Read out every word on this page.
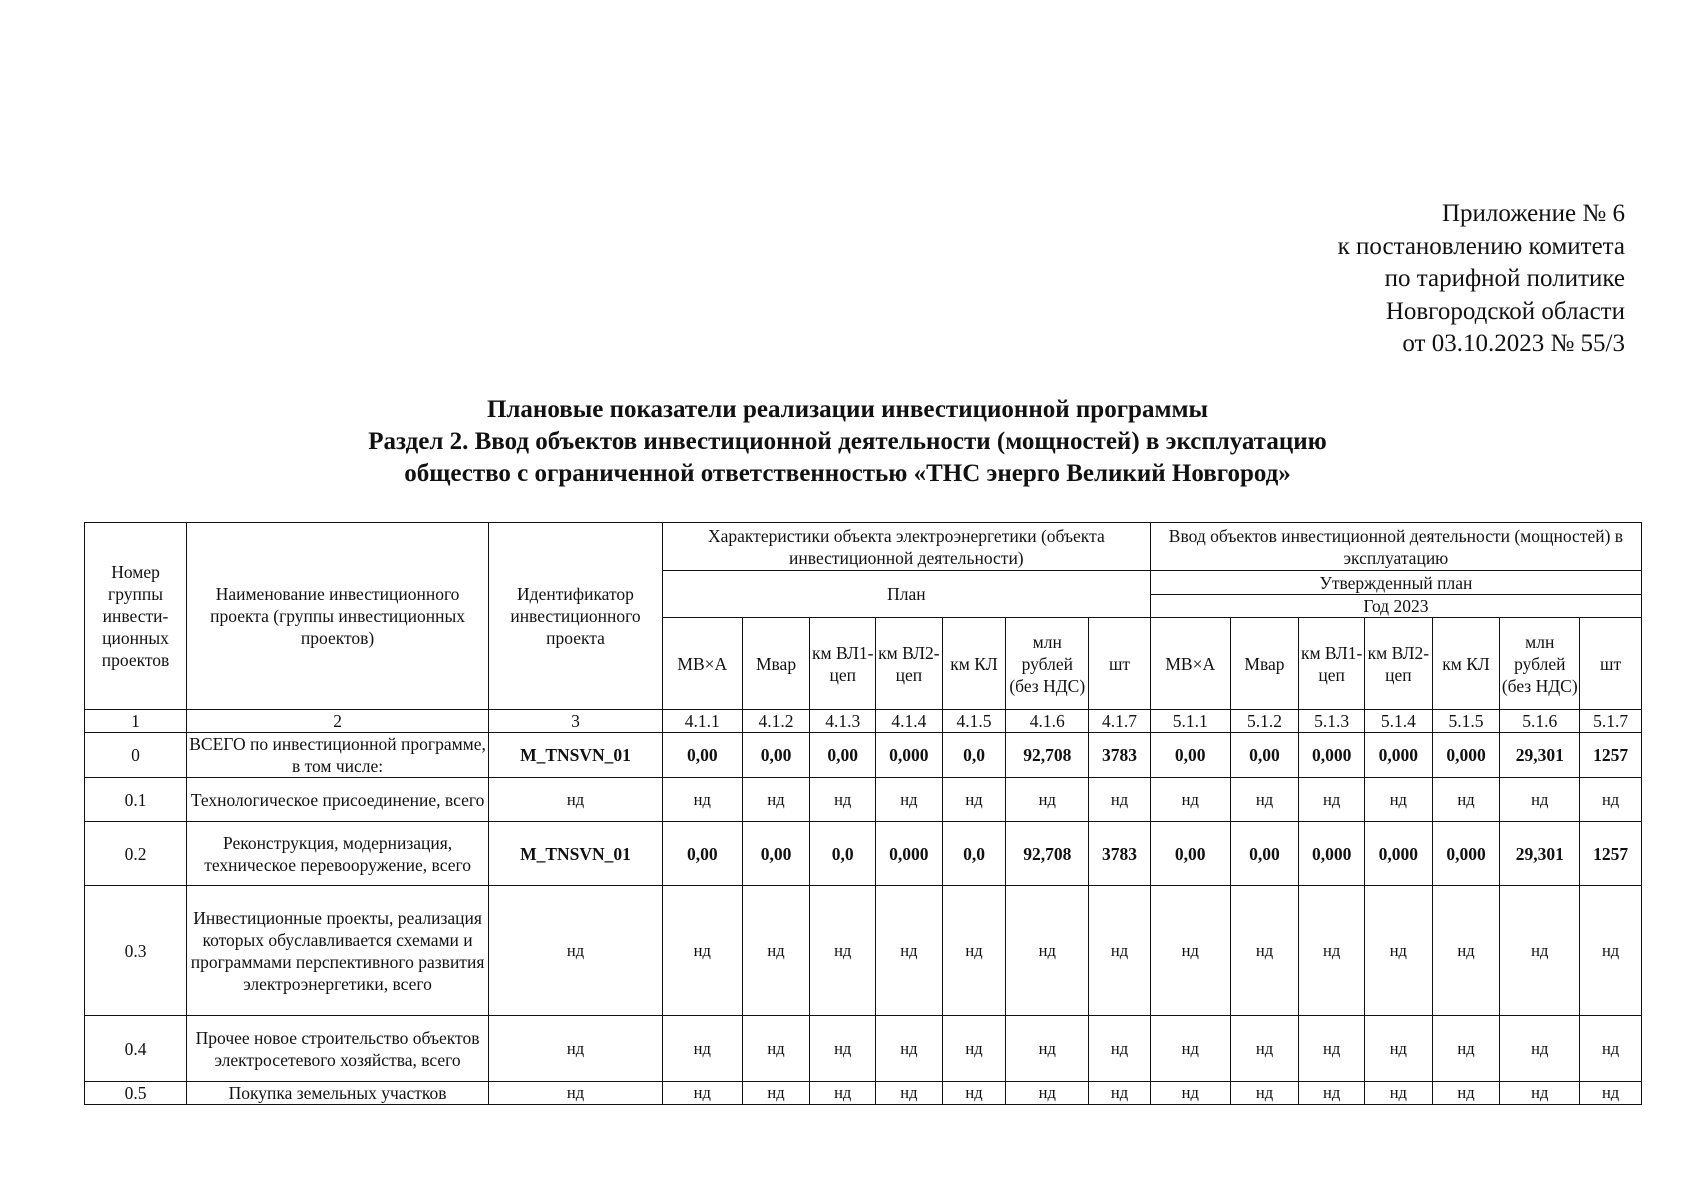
Приложение № 6
к постановлению комитета
по тарифной политике
Новгородской области
от 03.10.2023 № 55/3
Плановые показатели реализации инвестиционной программы
Раздел 2. Ввод объектов инвестиционной деятельности (мощностей) в эксплуатацию
общество с ограниченной ответственностью «ТНС энерго Великий Новгород»
Номер группы инвести-ционных проектов	Наименование инвестиционного проекта (группы инвестиционных проектов)	Идентификатор инвестиционного проекта	Характеристики объекта электроэнергетики (объекта инвестиционной деятельности)							Ввод объектов инвестиционной деятельности (мощностей) в эксплуатацию						
			План							Утвержденный план						
										Год 2023						
			МВ×А	Мвар	км ВЛ1-цеп	км ВЛ2-цеп	км КЛ	млн рублей (без НДС)	шт	МВ×А	Мвар	км ВЛ1-цеп	км ВЛ2-цеп	км КЛ	млн рублей (без НДС)	шт
1	2	3	4.1.1	4.1.2	4.1.3	4.1.4	4.1.5	4.1.6	4.1.7	5.1.1	5.1.2	5.1.3	5.1.4	5.1.5	5.1.6	5.1.7
0	ВСЕГО по инвестиционной программе, в том числе:	M_TNSVN_01	0,00	0,00	0,00	0,000	0,0	92,708	3783	0,00	0,00	0,000	0,000	0,000	29,301	1257
0.1	Технологическое присоединение, всего	нд	нд	нд	нд	нд	нд	нд	нд	нд	нд	нд	нд	нд	нд	нд
0.2	Реконструкция, модернизация, техническое перевооружение, всего	M_TNSVN_01	0,00	0,00	0,0	0,000	0,0	92,708	3783	0,00	0,00	0,000	0,000	0,000	29,301	1257
0.3	Инвестиционные проекты, реализация которых обуславливается схемами и программами перспективного развития электроэнергетики, всего	нд	нд	нд	нд	нд	нд	нд	нд	нд	нд	нд	нд	нд	нд	нд
0.4	Прочее новое строительство объектов электросетевого хозяйства, всего	нд	нд	нд	нд	нд	нд	нд	нд	нд	нд	нд	нд	нд	нд	нд
0.5	Покупка земельных участков	нд	нд	нд	нд	нд	нд	нд	нд	нд	нд	нд	нд	нд	нд	нд
